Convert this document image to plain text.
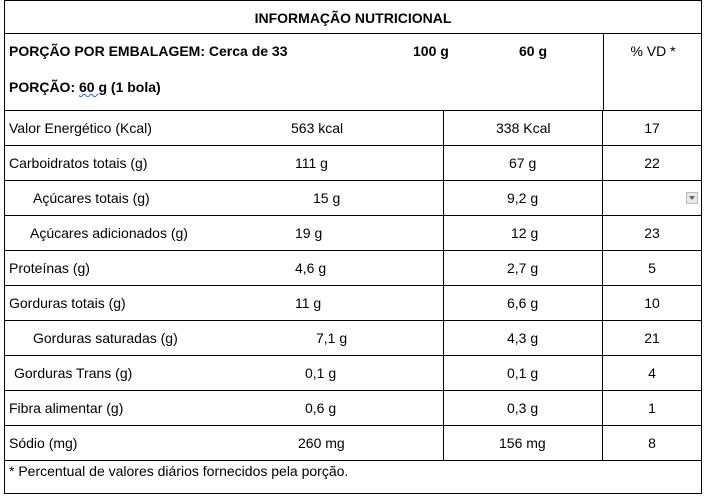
INFORMAÇÃO NUTRICIONAL
PORÇÃO POR EMBALAGEM: Cerca de 33	100 g	60 g
PORÇÃO: 60 g (1 bola)
% VD *
Valor Energético (Kcal)	563 kcal	338 Kcal	17
Carboidratos totais (g)	111 g	67 g	22
Açúcares totais (g)	15 g	9,2 g
Açúcares adicionados (g)	19 g	12 g	23
Proteínas (g)	4,6 g	2,7 g	5
Gorduras totais (g)	11 g	6,6 g	10
Gorduras saturadas (g)	7,1 g	4,3 g	21
Gorduras Trans (g)	0,1 g	0,1 g	4
Fibra alimentar (g)	0,6 g	0,3 g	1
Sódio (mg)	260 mg	156 mg	8
* Percentual de valores diários fornecidos pela porção.
